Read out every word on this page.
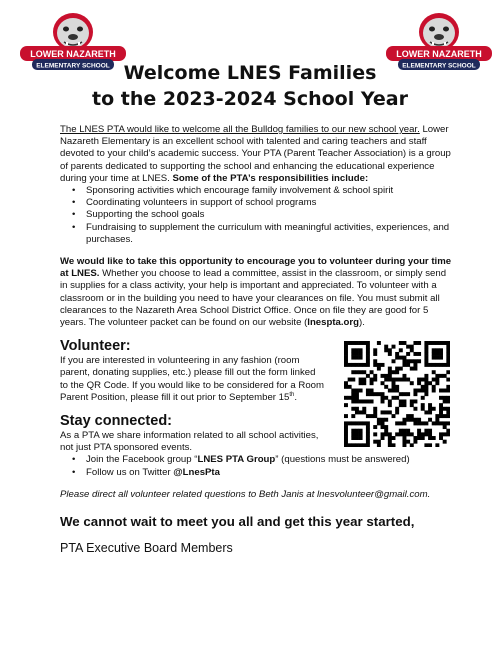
LOWER NAZARETH
ELEMENTARY SCHOOL
LOWER NAZARETH
ELEMENTARY SCHOOL
Welcome LNES Families
to the 2023-2024 School Year

The LNES PTA would like to welcome all the Bulldog families to our new school year. Lower Nazareth Elementary is an excellent school with talented and caring teachers and staff devoted to your child’s academic success. Your PTA (Parent Teacher Association) is a group of parents dedicated to supporting the school and enhancing the educational experience during your time at LNES. Some of the PTA’s responsibilities include:

• Sponsoring activities which encourage family involvement & school spirit
• Coordinating volunteers in support of school programs
• Supporting the school goals
• Fundraising to supplement the curriculum with meaningful activities, experiences, and purchases.

We would like to take this opportunity to encourage you to volunteer during your time at LNES. Whether you choose to lead a committee, assist in the classroom, or simply send in supplies for a class activity, your help is important and appreciated. To volunteer with a classroom or in the building you need to have your clearances on file. You must submit all clearances to the Nazareth Area School District Office. Once on file they are good for 5 years. The volunteer packet can be found on our website (lnespta.org).

Volunteer:

If you are interested in volunteering in any fashion (room parent, donating supplies, etc.) please fill out the form linked to the QR Code. If you would like to be considered for a Room Parent Position, please fill it out prior to September 15th.

Stay connected:

As a PTA we share information related to all school activities, not just PTA sponsored events.

• Join the Facebook group “LNES PTA Group” (questions must be answered)
• Follow us on Twitter @LnesPta

Please direct all volunteer related questions to Beth Janis at lnesvolunteer@gmail.com.

We cannot wait to meet you all and get this year started,
PTA Executive Board Members
